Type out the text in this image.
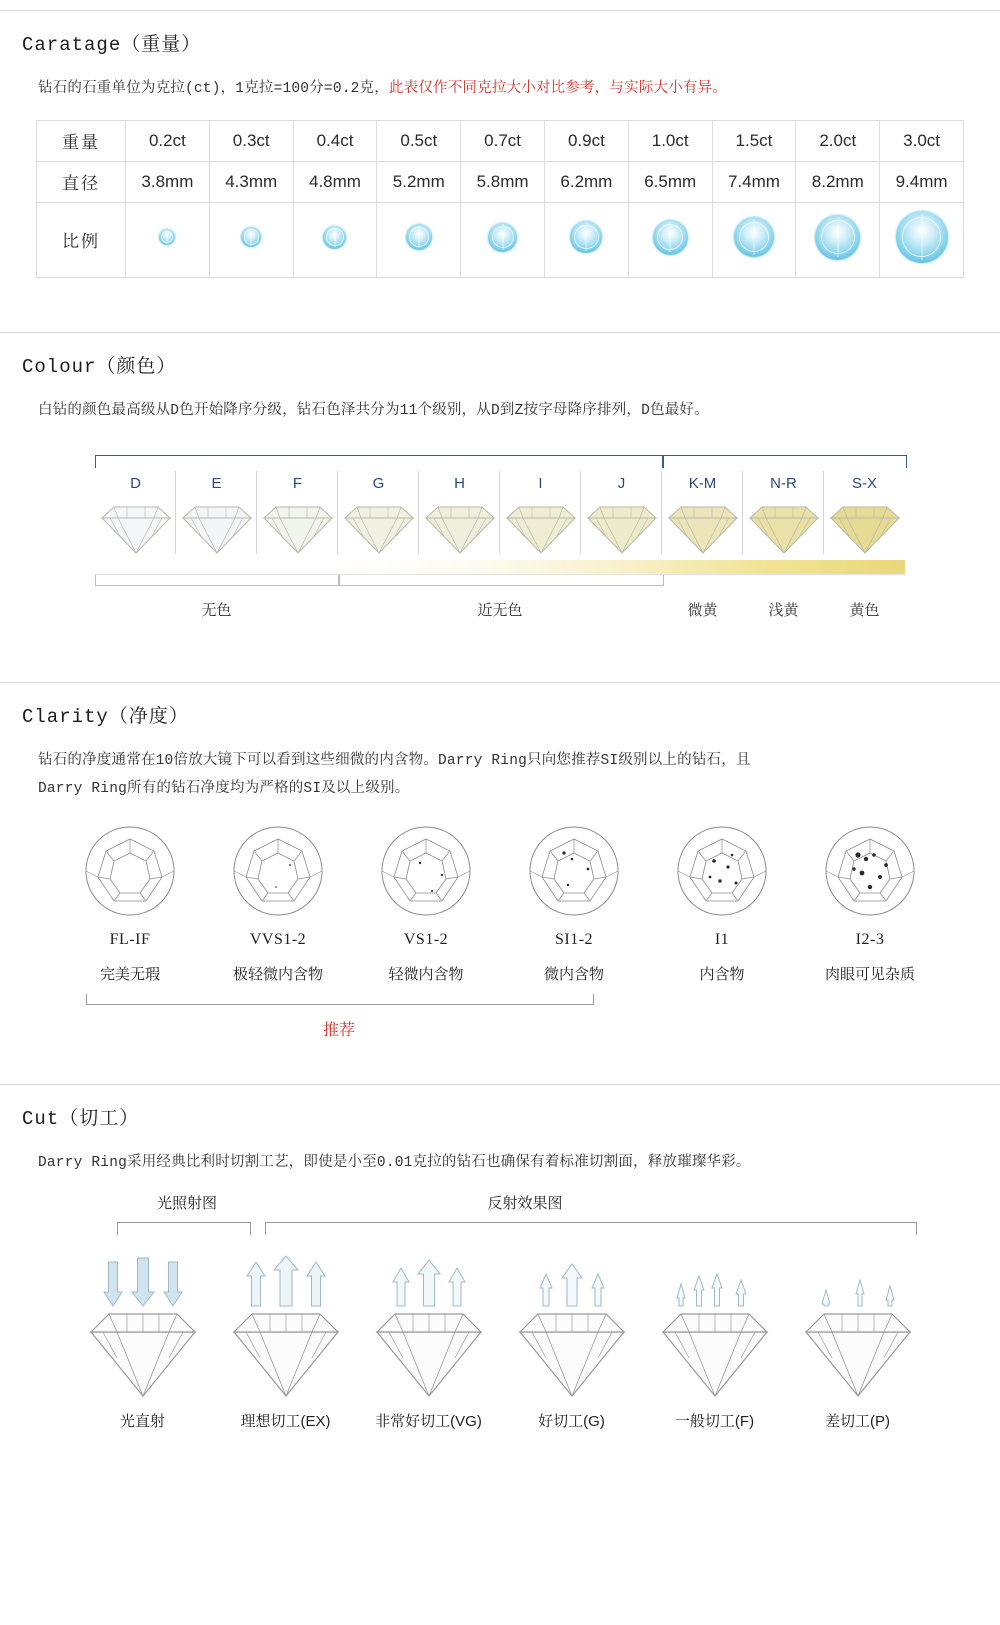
Caratage（重量）
钻石的石重单位为克拉(ct)，1克拉=100分=0.2克，此表仅作不同克拉大小对比参考，与实际大小有异。
重量	0.2ct	0.3ct	0.4ct	0.5ct	0.7ct	0.9ct	1.0ct	1.5ct	2.0ct	3.0ct
直径	3.8mm	4.3mm	4.8mm	5.2mm	5.8mm	6.2mm	6.5mm	7.4mm	8.2mm	9.4mm
比例										
Colour（颜色）
白钻的颜色最高级从D色开始降序分级，钻石色泽共分为11个级别，从D到Z按字母降序排列，D色最好。
D	E	F	G	H	I	J	K-M	N-R	S-X
无色	近无色	微黄	浅黄	黄色
Clarity（净度）
钻石的净度通常在10倍放大镜下可以看到这些细微的内含物。Darry Ring只向您推荐SI级别以上的钻石，且
Darry Ring所有的钻石净度均为严格的SI及以上级别。
FL-IF
完美无瑕
VVS1-2
极轻微内含物
VS1-2
轻微内含物
SI1-2
微内含物
I1
内含物
I2-3
肉眼可见杂质
推荐
Cut（切工）
Darry Ring采用经典比利时切割工艺，即使是小至0.01克拉的钻石也确保有着标准切割面，释放璀璨华彩。
光照射图	反射效果图
光直射	理想切工(EX)	非常好切工(VG)	好切工(G)	一般切工(F)	差切工(P)
